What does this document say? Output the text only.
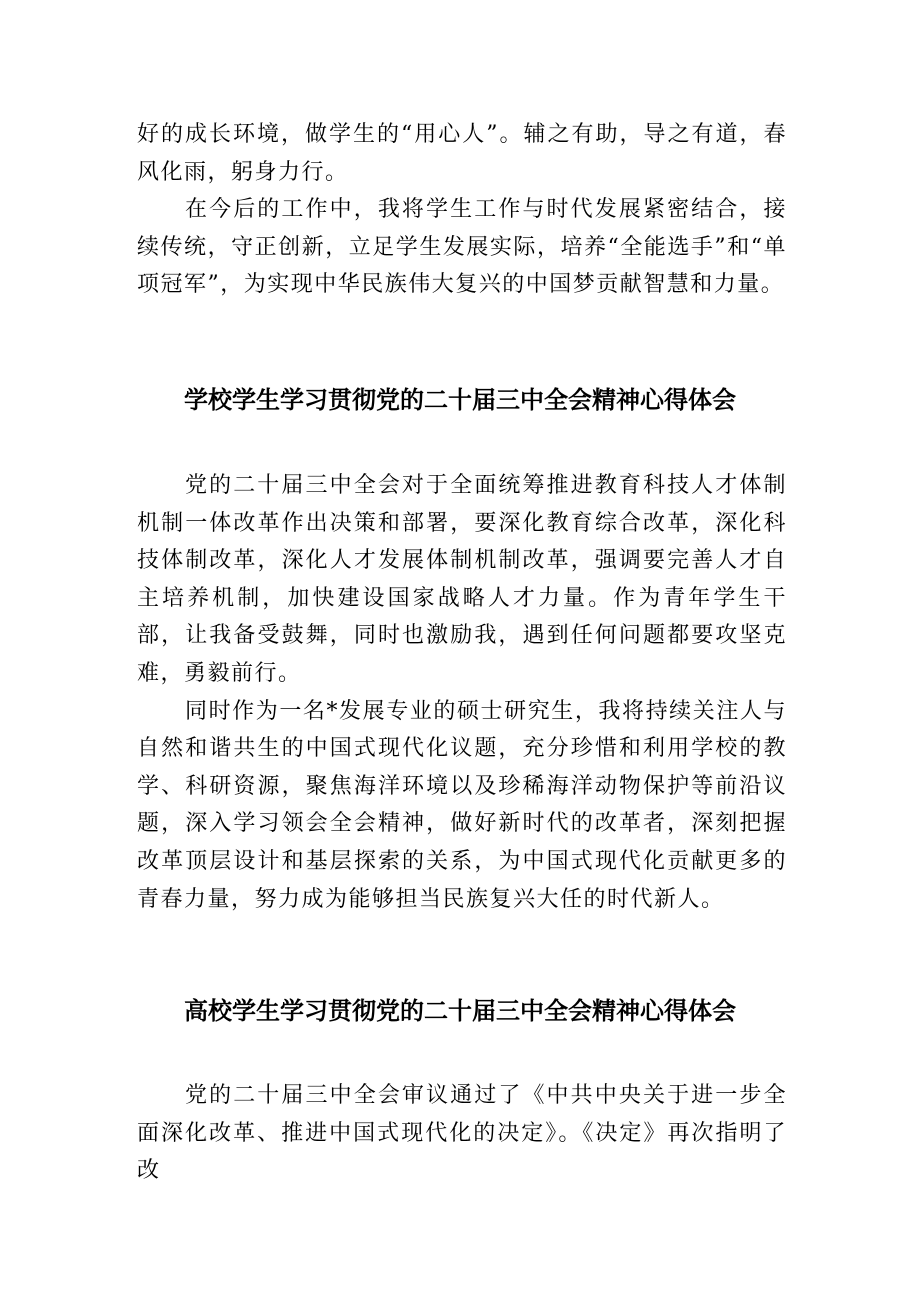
好的成长环境，做学生的“用心人”。辅之有助，导之有道，春风化雨，躬身力行。

在今后的工作中，我将学生工作与时代发展紧密结合，接续传统，守正创新，立足学生发展实际，培养“全能选手”和“单项冠军”，为实现中华民族伟大复兴的中国梦贡献智慧和力量。

学校学生学习贯彻党的二十届三中全会精神心得体会

党的二十届三中全会对于全面统筹推进教育科技人才体制机制一体改革作出决策和部署，要深化教育综合改革，深化科技体制改革，深化人才发展体制机制改革，强调要完善人才自主培养机制，加快建设国家战略人才力量。作为青年学生干部，让我备受鼓舞，同时也激励我，遇到任何问题都要攻坚克难，勇毅前行。

同时作为一名*发展专业的硕士研究生，我将持续关注人与自然和谐共生的中国式现代化议题，充分珍惜和利用学校的教学、科研资源，聚焦海洋环境以及珍稀海洋动物保护等前沿议题，深入学习领会全会精神，做好新时代的改革者，深刻把握改革顶层设计和基层探索的关系，为中国式现代化贡献更多的青春力量，努力成为能够担当民族复兴大任的时代新人。

高校学生学习贯彻党的二十届三中全会精神心得体会

党的二十届三中全会审议通过了《中共中央关于进一步全面深化改革、推进中国式现代化的决定》。《决定》再次指明了改
